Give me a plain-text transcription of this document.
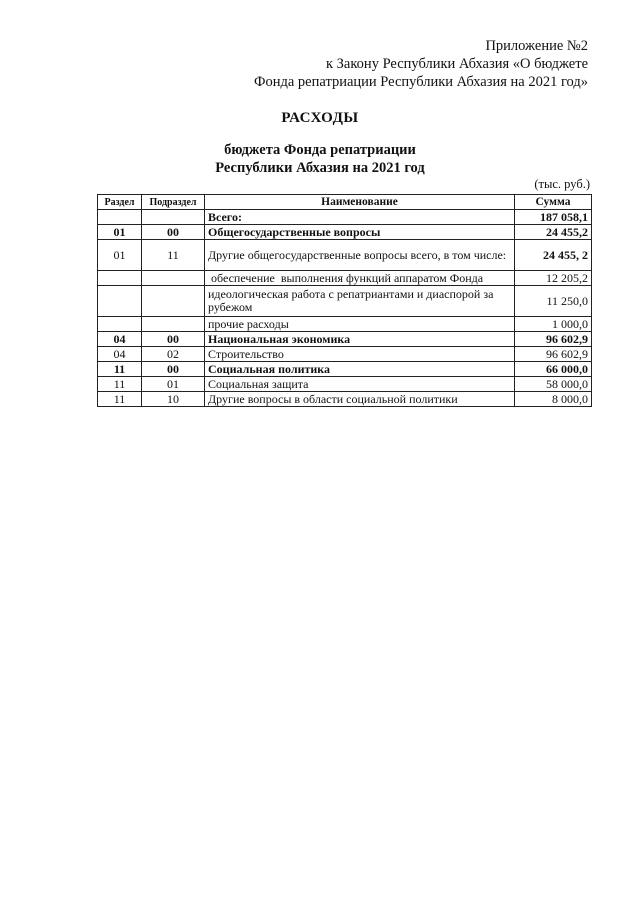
Приложение №2
к Закону Республики Абхазия «О бюджете
Фонда репатриации Республики Абхазия на 2021 год»
РАСХОДЫ
бюджета Фонда репатриации
Республики Абхазия на 2021 год
(тыс. руб.)
Раздел	Подраздел	Наименование	Сумма
		Всего:	187 058,1
01	00	Общегосударственные вопросы	24 455,2
01	11	Другие общегосударственные вопросы всего, в том числе:	24 455, 2
		обеспечение  выполнения функций аппаратом Фонда	12 205,2
		идеологическая работа с репатриантами и диаспорой за рубежом	11 250,0
		прочие расходы	1 000,0
04	00	Национальная экономика	96 602,9
04	02	Строительство	96 602,9
11	00	Социальная политика	66 000,0
11	01	Социальная защита	58 000,0
11	10	Другие вопросы в области социальной политики	8 000,0
